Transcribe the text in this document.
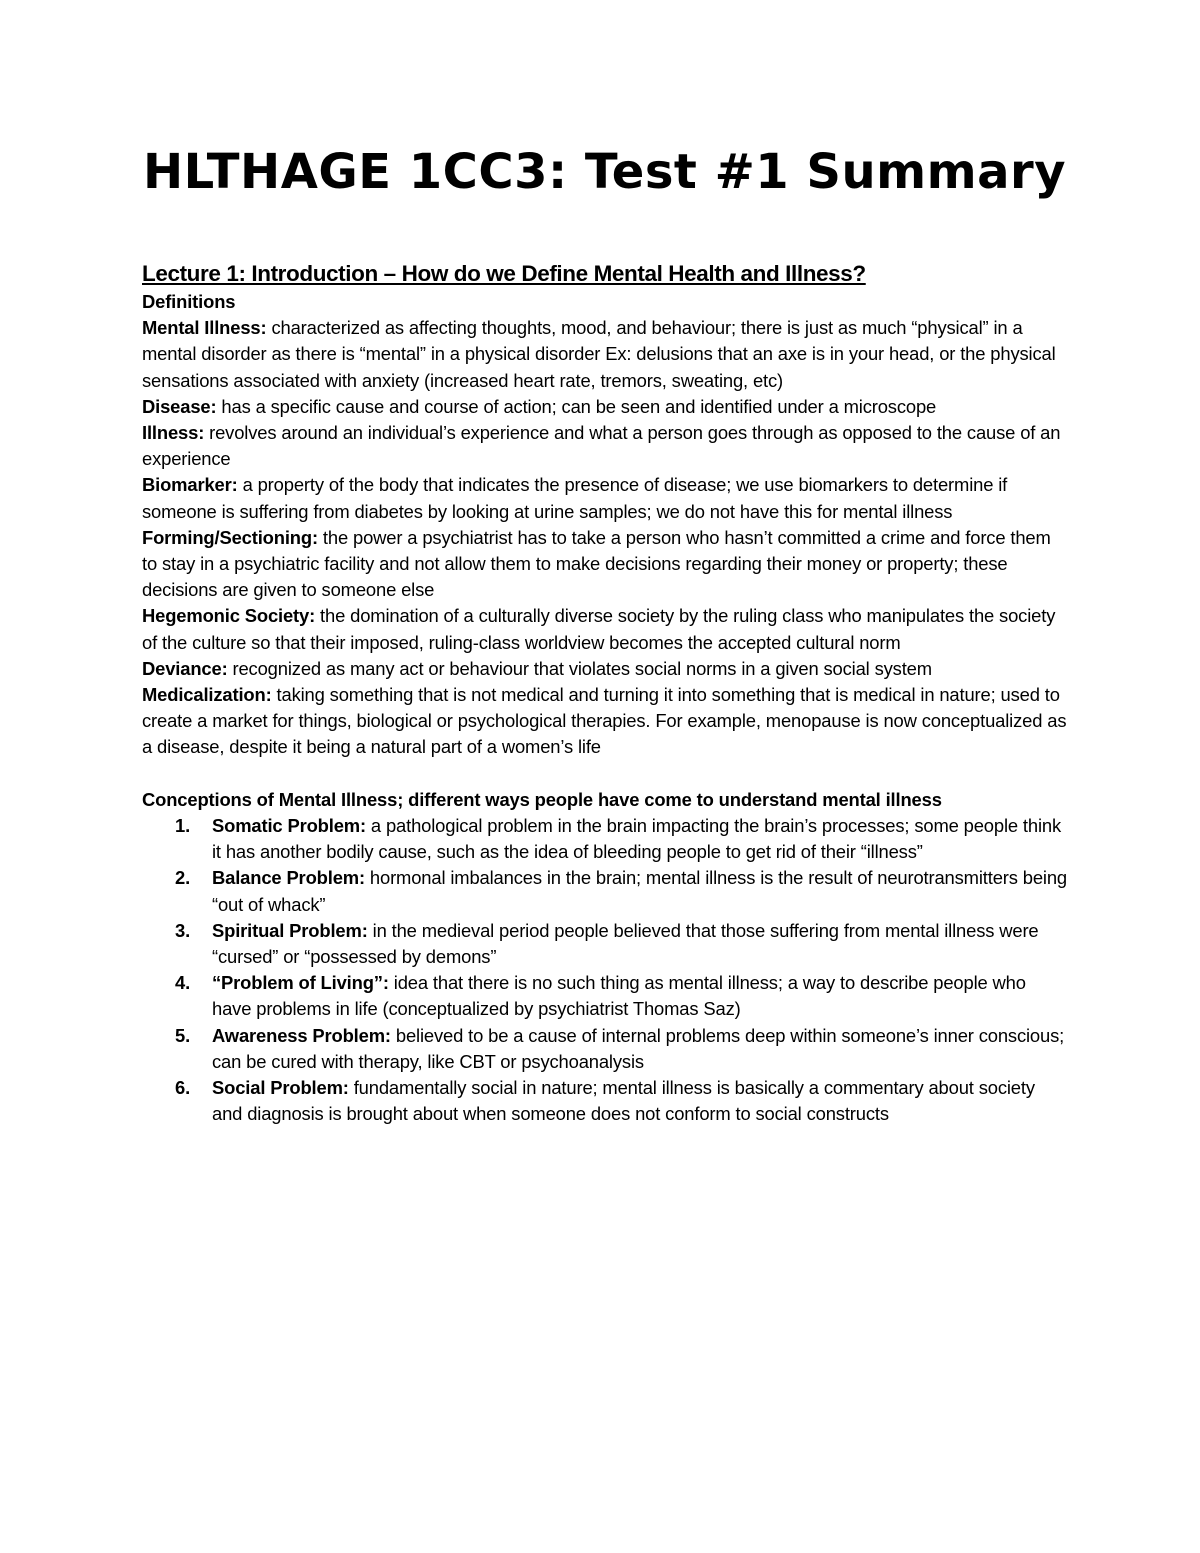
HLTHAGE 1CC3: Test #1 Summary
Lecture 1: Introduction – How do we Define Mental Health and Illness?

Definitions

Mental Illness: characterized as affecting thoughts, mood, and behaviour; there is just as much “physical” in a mental disorder as there is “mental” in a physical disorder Ex: delusions that an axe is in your head, or the physical sensations associated with anxiety (increased heart rate, tremors, sweating, etc)

Disease: has a specific cause and course of action; can be seen and identified under a microscope

Illness: revolves around an individual’s experience and what a person goes through as opposed to the cause of an experience

Biomarker: a property of the body that indicates the presence of disease; we use biomarkers to determine if someone is suffering from diabetes by looking at urine samples; we do not have this for mental illness

Forming/Sectioning: the power a psychiatrist has to take a person who hasn’t committed a crime and force them to stay in a psychiatric facility and not allow them to make decisions regarding their money or property; these decisions are given to someone else

Hegemonic Society: the domination of a culturally diverse society by the ruling class who manipulates the society of the culture so that their imposed, ruling-class worldview becomes the accepted cultural norm

Deviance: recognized as many act or behaviour that violates social norms in a given social system

Medicalization: taking something that is not medical and turning it into something that is medical in nature; used to create a market for things, biological or psychological therapies. For example, menopause is now conceptualized as a disease, despite it being a natural part of a women’s life

Conceptions of Mental Illness; different ways people have come to understand mental illness

1. Somatic Problem: a pathological problem in the brain impacting the brain’s processes; some people think it has another bodily cause, such as the idea of bleeding people to get rid of their “illness”
2. Balance Problem: hormonal imbalances in the brain; mental illness is the result of neurotransmitters being “out of whack”
3. Spiritual Problem: in the medieval period people believed that those suffering from mental illness were “cursed” or “possessed by demons”
4. “Problem of Living”: idea that there is no such thing as mental illness; a way to describe people who have problems in life (conceptualized by psychiatrist Thomas Saz)
5. Awareness Problem: believed to be a cause of internal problems deep within someone’s inner conscious; can be cured with therapy, like CBT or psychoanalysis
6. Social Problem: fundamentally social in nature; mental illness is basically a commentary about society and diagnosis is brought about when someone does not conform to social constructs
